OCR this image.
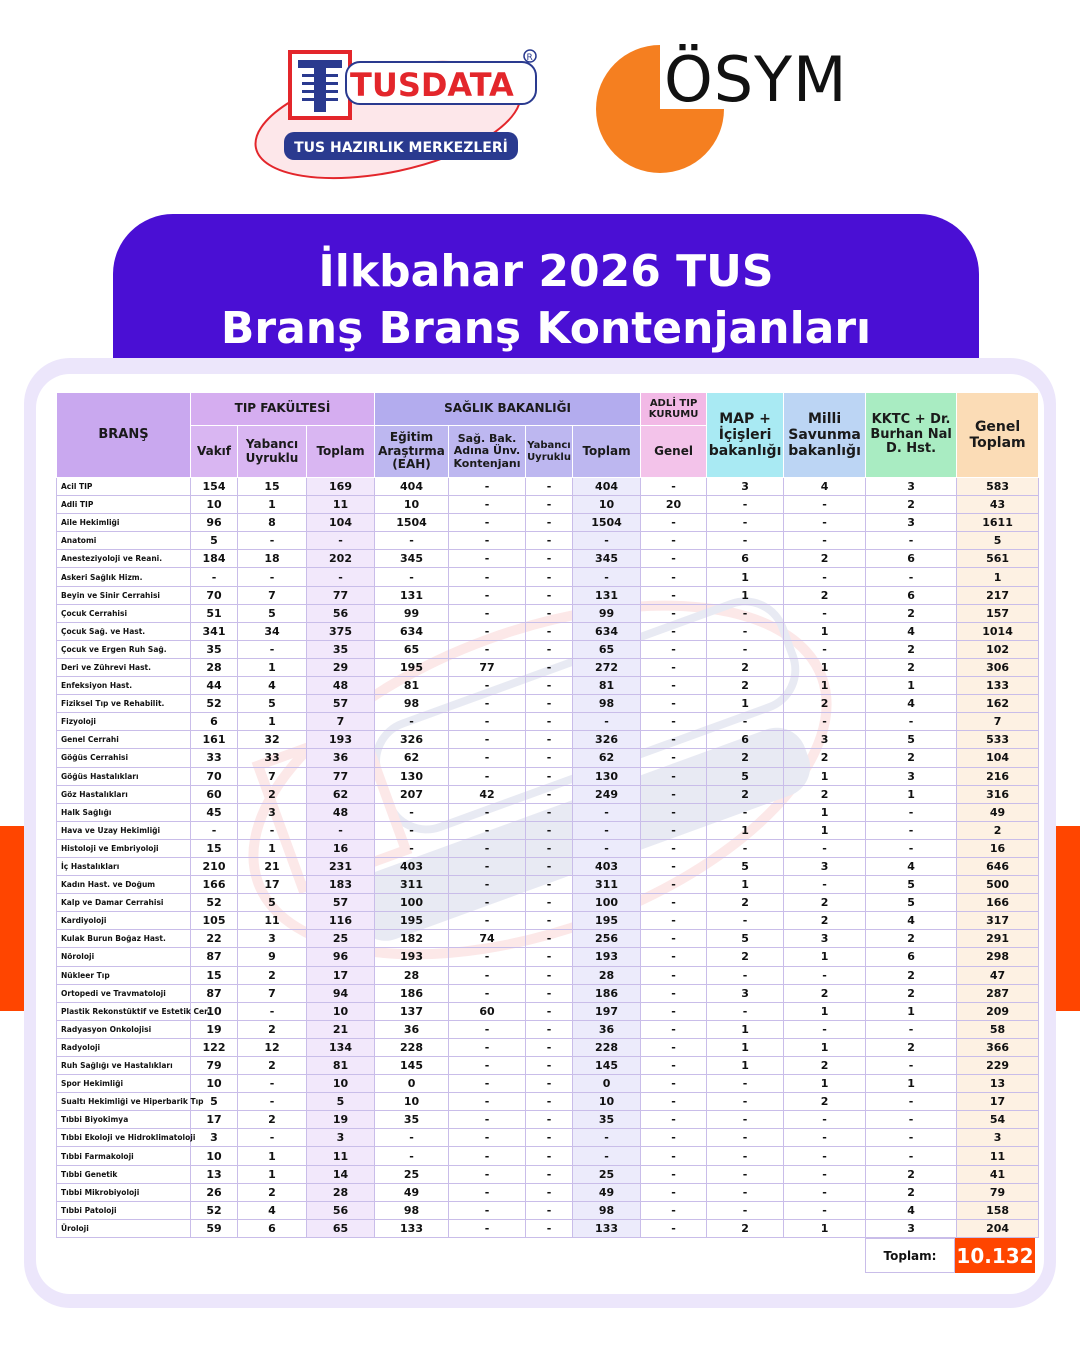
TUSDATA
R
TUS HAZIRLIK MERKEZLERİ
ÖSYM
İlkbahar 2026 TUS
Branş Branş Kontenjanları
BRANŞ	TIP FAKÜLTESİ			SAĞLIK BAKANLIĞI				ADLİ TIP KURUMU	MAP + İçişleri bakanlığı	Milli Savunma bakanlığı	KKTC + Dr. Burhan Nal D. Hst.	Genel Toplam
	Vakıf	Yabancı Uyruklu	Toplam	Eğitim Araştırma (EAH)	Sağ. Bak. Adına Ünv. Kontenjanı	Yabancı Uyruklu	Toplam	Genel				
Acil TIP	154	15	169	404	-	-	404	-	3	4	3	583
Adli TIP	10	1	11	10	-	-	10	20	-	-	2	43
Aile Hekimliği	96	8	104	1504	-	-	1504	-	-	-	3	1611
Anatomi	5	-	-	-	-	-	-	-	-	-	-	5
Anesteziyoloji ve Reani.	184	18	202	345	-	-	345	-	6	2	6	561
Askeri Sağlık Hizm.	-	-	-	-	-	-	-	-	1	-	-	1
Beyin ve Sinir Cerrahisi	70	7	77	131	-	-	131	-	1	2	6	217
Çocuk Cerrahisi	51	5	56	99	-	-	99	-	-	-	2	157
Çocuk Sağ. ve Hast.	341	34	375	634	-	-	634	-	-	1	4	1014
Çocuk ve Ergen Ruh Sağ.	35	-	35	65	-	-	65	-	-	-	2	102
Deri ve Zührevi Hast.	28	1	29	195	77	-	272	-	2	1	2	306
Enfeksiyon Hast.	44	4	48	81	-	-	81	-	2	1	1	133
Fiziksel Tıp ve Rehabilit.	52	5	57	98	-	-	98	-	1	2	4	162
Fizyoloji	6	1	7	-	-	-	-	-	-	-	-	7
Genel Cerrahi	161	32	193	326	-	-	326	-	6	3	5	533
Göğüs Cerrahisi	33	33	36	62	-	-	62	-	2	2	2	104
Göğüs Hastalıkları	70	7	77	130	-	-	130	-	5	1	3	216
Göz Hastalıkları	60	2	62	207	42	-	249	-	2	2	1	316
Halk Sağlığı	45	3	48	-	-	-	-	-	-	1	-	49
Hava ve Uzay Hekimliği	-	-	-	-	-	-	-	-	1	1	-	2
Histoloji ve Embriyoloji	15	1	16	-	-	-	-	-	-	-	-	16
İç Hastalıkları	210	21	231	403	-	-	403	-	5	3	4	646
Kadın Hast. ve Doğum	166	17	183	311	-	-	311	-	1	-	5	500
Kalp ve Damar Cerrahisi	52	5	57	100	-	-	100	-	2	2	5	166
Kardiyoloji	105	11	116	195	-	-	195	-	-	2	4	317
Kulak Burun Boğaz Hast.	22	3	25	182	74	-	256	-	5	3	2	291
Nöroloji	87	9	96	193	-	-	193	-	2	1	6	298
Nükleer Tıp	15	2	17	28	-	-	28	-	-	-	2	47
Ortopedi ve Travmatoloji	87	7	94	186	-	-	186	-	3	2	2	287
Plastik Rekonstüktif ve Estetik Cer.	10	-	10	137	60	-	197	-	-	1	1	209
Radyasyon Onkolojisi	19	2	21	36	-	-	36	-	1	-	-	58
Radyoloji	122	12	134	228	-	-	228	-	1	1	2	366
Ruh Sağlığı ve Hastalıkları	79	2	81	145	-	-	145	-	1	2	-	229
Spor Hekimliği	10	-	10	0	-	-	0	-	-	1	1	13
Sualtı Hekimliği ve Hiperbarik Tıp	5	-	5	10	-	-	10	-	-	2	-	17
Tıbbi Biyokimya	17	2	19	35	-	-	35	-	-	-	-	54
Tıbbi Ekoloji ve Hidroklimatoloji	3	-	3	-	-	-	-	-	-	-	-	3
Tıbbi Farmakoloji	10	1	11	-	-	-	-	-	-	-	-	11
Tıbbi Genetik	13	1	14	25	-	-	25	-	-	-	2	41
Tıbbi Mikrobiyoloji	26	2	28	49	-	-	49	-	-	-	2	79
Tıbbi Patoloji	52	4	56	98	-	-	98	-	-	-	4	158
Üroloji	59	6	65	133	-	-	133	-	2	1	3	204
Toplam: 10.132
